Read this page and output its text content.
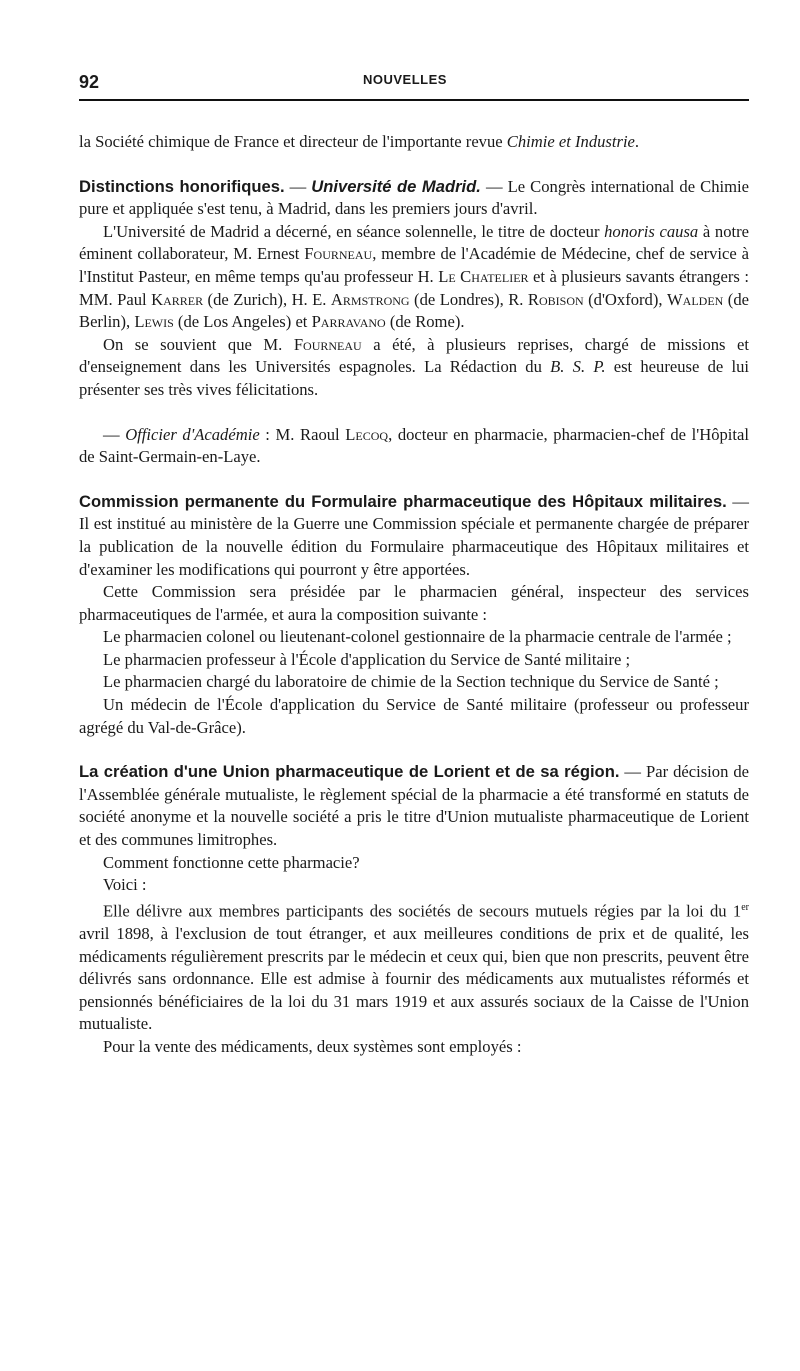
92	NOUVELLES

la Société chimique de France et directeur de l'importante revue Chimie et Industrie.

Distinctions honorifiques. — Université de Madrid. — Le Congrès international de Chimie pure et appliquée s'est tenu, à Madrid, dans les premiers jours d'avril.

L'Université de Madrid a décerné, en séance solennelle, le titre de docteur honoris causa à notre éminent collaborateur, M. Ernest Fourneau, membre de l'Académie de Médecine, chef de service à l'Institut Pasteur, en même temps qu'au professeur H. Le Chatelier et à plusieurs savants étrangers : MM. Paul Karrer (de Zurich), H. E. Armstrong (de Londres), R. Robison (d'Oxford), Walden (de Berlin), Lewis (de Los Angeles) et Parravano (de Rome).

On se souvient que M. Fourneau a été, à plusieurs reprises, chargé de missions et d'enseignement dans les Universités espagnoles. La Rédaction du B. S. P. est heureuse de lui présenter ses très vives félicitations.

— Officier d'Académie : M. Raoul Lecoq, docteur en pharmacie, pharmacien-chef de l'Hôpital de Saint-Germain-en-Laye.

Commission permanente du Formulaire pharmaceutique des Hôpitaux militaires. — Il est institué au ministère de la Guerre une Commission spéciale et permanente chargée de préparer la publication de la nouvelle édition du Formulaire pharmaceutique des Hôpitaux militaires et d'examiner les modifications qui pourront y être apportées.

Cette Commission sera présidée par le pharmacien général, inspecteur des services pharmaceutiques de l'armée, et aura la composition suivante :

Le pharmacien colonel ou lieutenant-colonel gestionnaire de la pharmacie centrale de l'armée ;

Le pharmacien professeur à l'École d'application du Service de Santé militaire ;

Le pharmacien chargé du laboratoire de chimie de la Section technique du Service de Santé ;

Un médecin de l'École d'application du Service de Santé militaire (professeur ou professeur agrégé du Val-de-Grâce).

La création d'une Union pharmaceutique de Lorient et de sa région. — Par décision de l'Assemblée générale mutualiste, le règlement spécial de la pharmacie a été transformé en statuts de société anonyme et la nouvelle société a pris le titre d'Union mutualiste pharmaceutique de Lorient et des communes limitrophes.

Comment fonctionne cette pharmacie?

Voici :

Elle délivre aux membres participants des sociétés de secours mutuels régies par la loi du 1er avril 1898, à l'exclusion de tout étranger, et aux meilleures conditions de prix et de qualité, les médicaments régulièrement prescrits par le médecin et ceux qui, bien que non prescrits, peuvent être délivrés sans ordonnance. Elle est admise à fournir des médicaments aux mutualistes réformés et pensionnés bénéficiaires de la loi du 31 mars 1919 et aux assurés sociaux de la Caisse de l'Union mutualiste.

Pour la vente des médicaments, deux systèmes sont employés :
